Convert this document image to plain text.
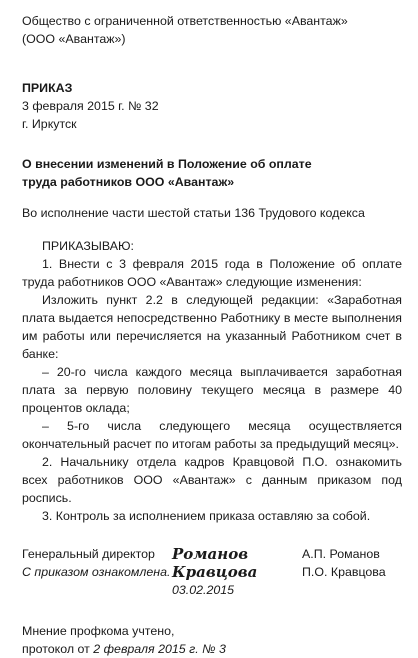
Общество с ограниченной ответственностью «Авантаж»

(ООО «Авантаж»)

ПРИКАЗ

3 февраля 2015 г. № 32

г. Иркутск

О внесении изменений в Положение об оплате

труда работников ООО «Авантаж»

Во исполнение части шестой статьи 136 Трудового кодекса

ПРИКАЗЫВАЮ:

1. Внести с 3 февраля 2015 года в Положение об оплате труда работников ООО «Авантаж» следующие изменения:

Изложить пункт 2.2 в следующей редакции: «Заработная плата выдается непосредственно Работнику в месте выполнения им работы или перечисляется на указанный Работником счет в банке:

– 20-го числа каждого месяца выплачивается заработная плата за первую половину текущего месяца в размере 40 процентов оклада;

– 5-го числа следующего месяца осуществляется окончательный расчет по итогам работы за предыдущий месяц».

2. Начальнику отдела кадров Кравцовой П.О. ознакомить всех работников ООО «Авантаж» с данным приказом под роспись.

3. Контроль за исполнением приказа оставляю за собой.

Генеральный директор	Романов	А.П. Романов
С приказом ознакомлена. Кравцова	П.О. Кравцова
03.02.2015

Мнение профкома учтено,

протокол от 2 февраля 2015 г. № 3
